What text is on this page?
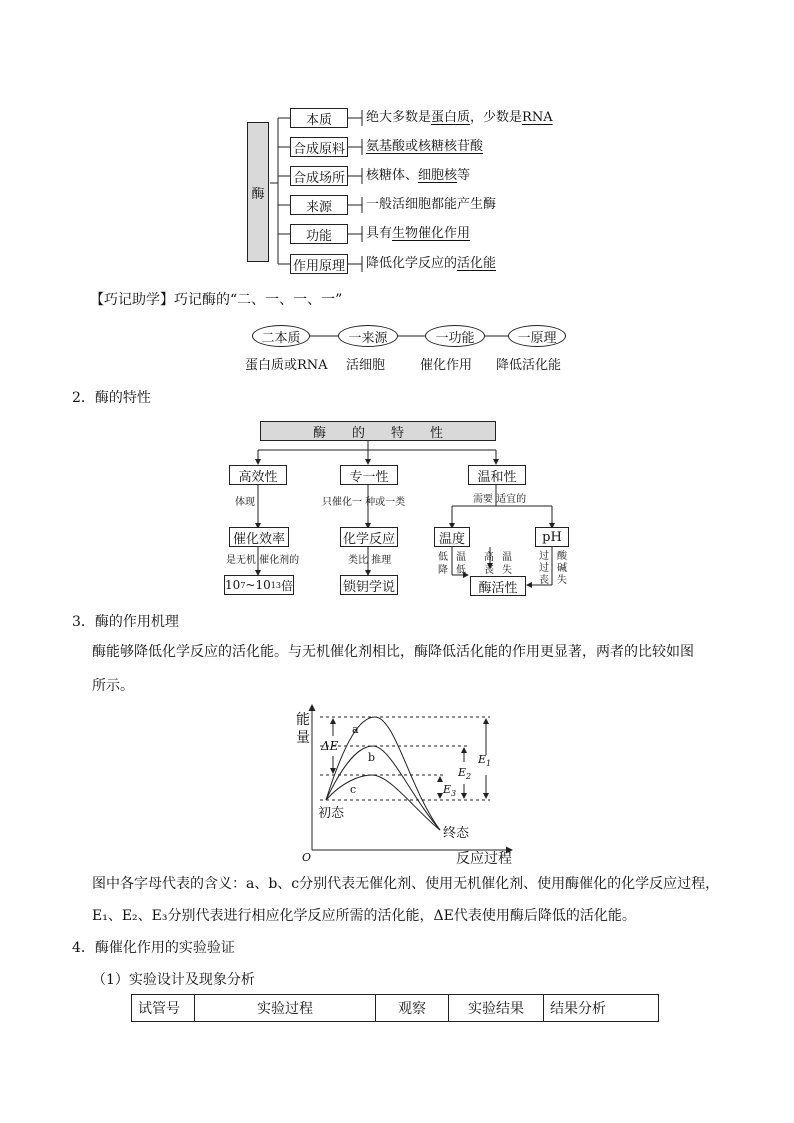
酶
本质	绝大多数是蛋白质，少数是RNA
合成原料 氨基酸或核糖核苷酸
合成场所 核糖体、细胞核等
来源	一般活细胞都能产生酶
功能	具有生物催化作用
作用原理 降低化学反应的活化能
【巧记助学】巧记酶的“二、一、一、一”
二本质	一来源	一功能	一原理
蛋白质或RNA 活细胞	催化作用 降低活化能
2．酶的特性
酶　　的　　特　　性
高效性	专一性	温和性
体现	只催化一 种或一类	需要 适宜的
催化效率	化学反应	温度	pH
是无机 催化剂的	类比 推理
10 7 ~10 13 倍	锁钥学说	酶活性
低
降
温
低
高
丧
温
失
过
过
丧
酸
碱
失
3．酶的作用机理
酶能够降低化学反应的活化能。与无机催化剂相比，酶降低活化能的作用更显著，两者的比较如图
所示。
能
量
O	反应过程
初态
终态
a
b
c
ΔE
$E_1$
$E_2$
$E_3$
图中各字母代表的含义：a、b、c分别代表无催化剂、使用无机催化剂、使用酶催化的化学反应过程，
E₁、E₂、E₃分别代表进行相应化学反应所需的活化能，ΔE代表使用酶后降低的活化能。
4．酶催化作用的实验验证
（1）实验设计及现象分析
试管号	实验过程	观察	实验结果	结果分析
